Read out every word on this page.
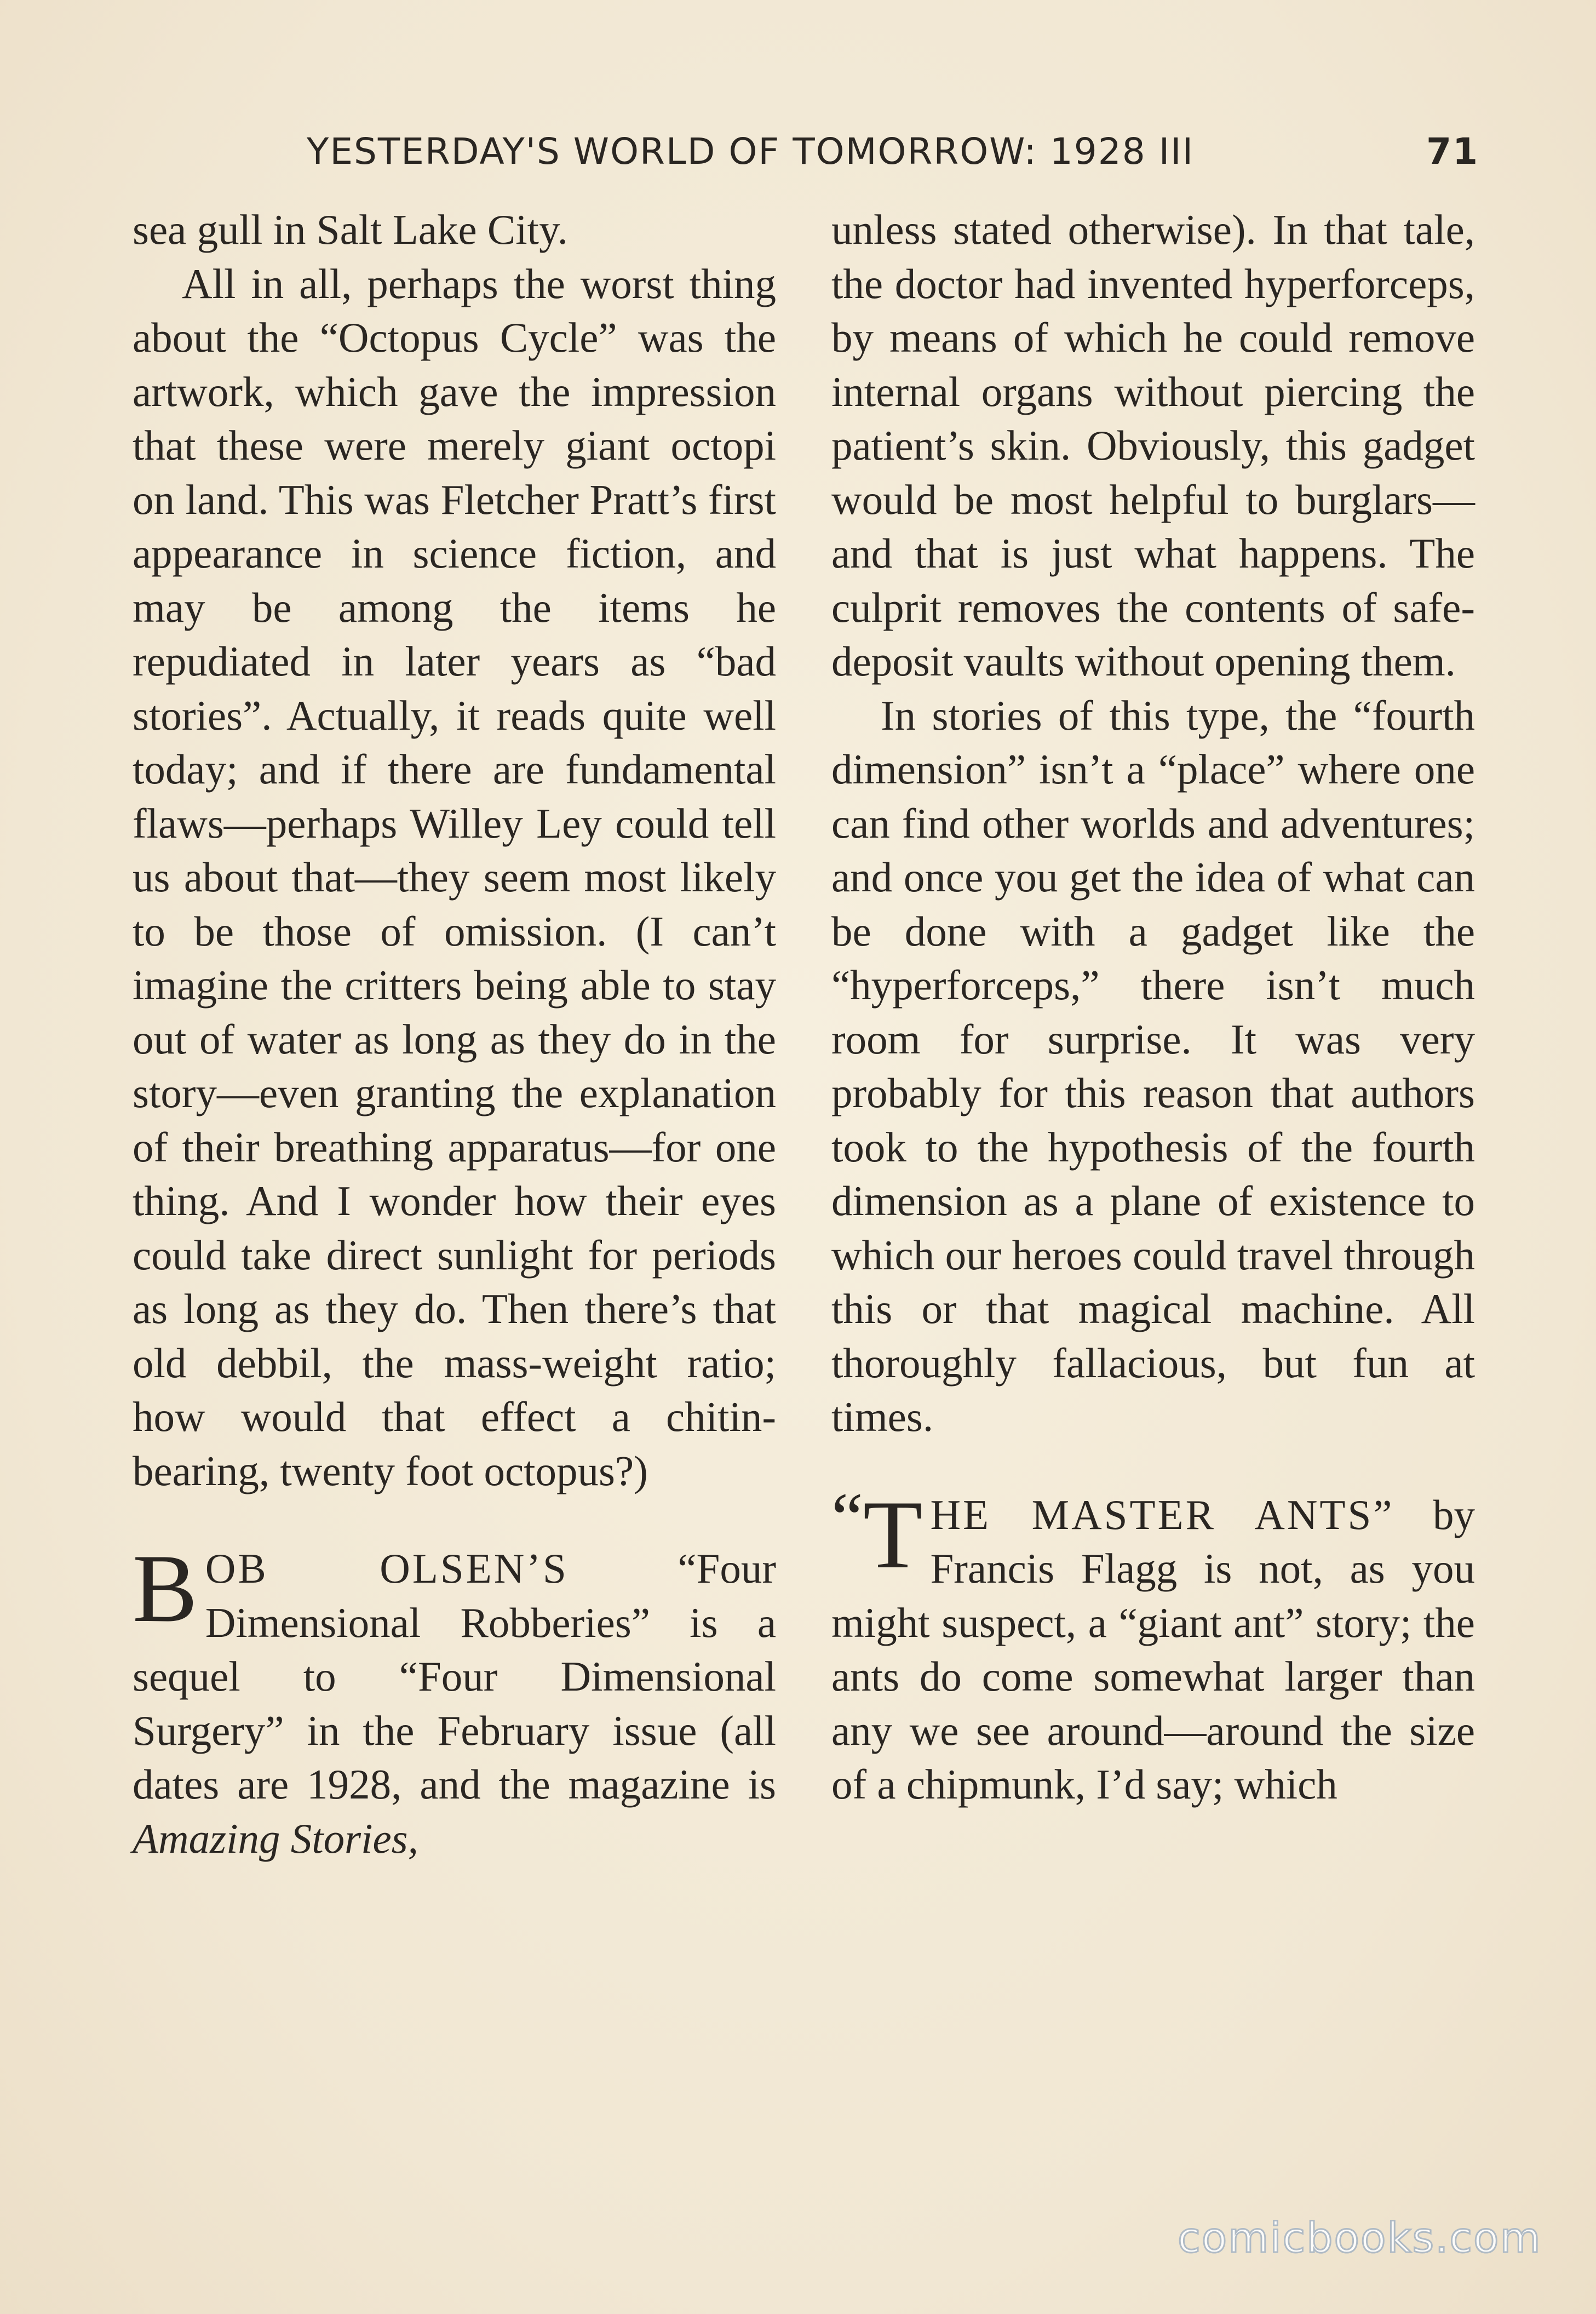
YESTERDAY'S WORLD OF TOMORROW: 1928 III	71

sea gull in Salt Lake City.

All in all, perhaps the worst thing about the “Octopus Cycle” was the artwork, which gave the impression that these were merely giant octopi on land. This was Fletcher Pratt’s first appearance in science fiction, and may be among the items he repudiated in later years as “bad stories”. Actually, it reads quite well today; and if there are fundamental flaws—perhaps Willey Ley could tell us about that—they seem most likely to be those of omission. (I can’t imagine the critters being able to stay out of water as long as they do in the story—even granting the explanation of their breathing apparatus—for one thing. And I wonder how their eyes could take direct sunlight for periods as long as they do. Then there’s that old debbil, the mass-weight ratio; how would that effect a chitin-bearing, twenty foot octopus?)

BOB OLSEN’S “Four Dimensional Robberies” is a sequel to “Four Dimensional Surgery” in the February issue (all dates are 1928, and the magazine is Amazing Stories,

unless stated otherwise). In that tale, the doctor had invented hyperforceps, by means of which he could remove internal organs without piercing the patient’s skin. Obviously, this gadget would be most helpful to burglars—and that is just what happens. The culprit removes the contents of safe-deposit vaults without opening them.

In stories of this type, the “fourth dimension” isn’t a “place” where one can find other worlds and adventures; and once you get the idea of what can be done with a gadget like the “hyperforceps,” there isn’t much room for surprise. It was very probably for this reason that authors took to the hypothesis of the fourth dimension as a plane of existence to which our heroes could travel through this or that magical machine. All thoroughly fallacious, but fun at times.

“ T HE MASTER ANTS” by Francis Flagg is not, as you might suspect, a “giant ant” story; the ants do come somewhat larger than any we see around—around the size of a chipmunk, I’d say; which

comicbooks.com
